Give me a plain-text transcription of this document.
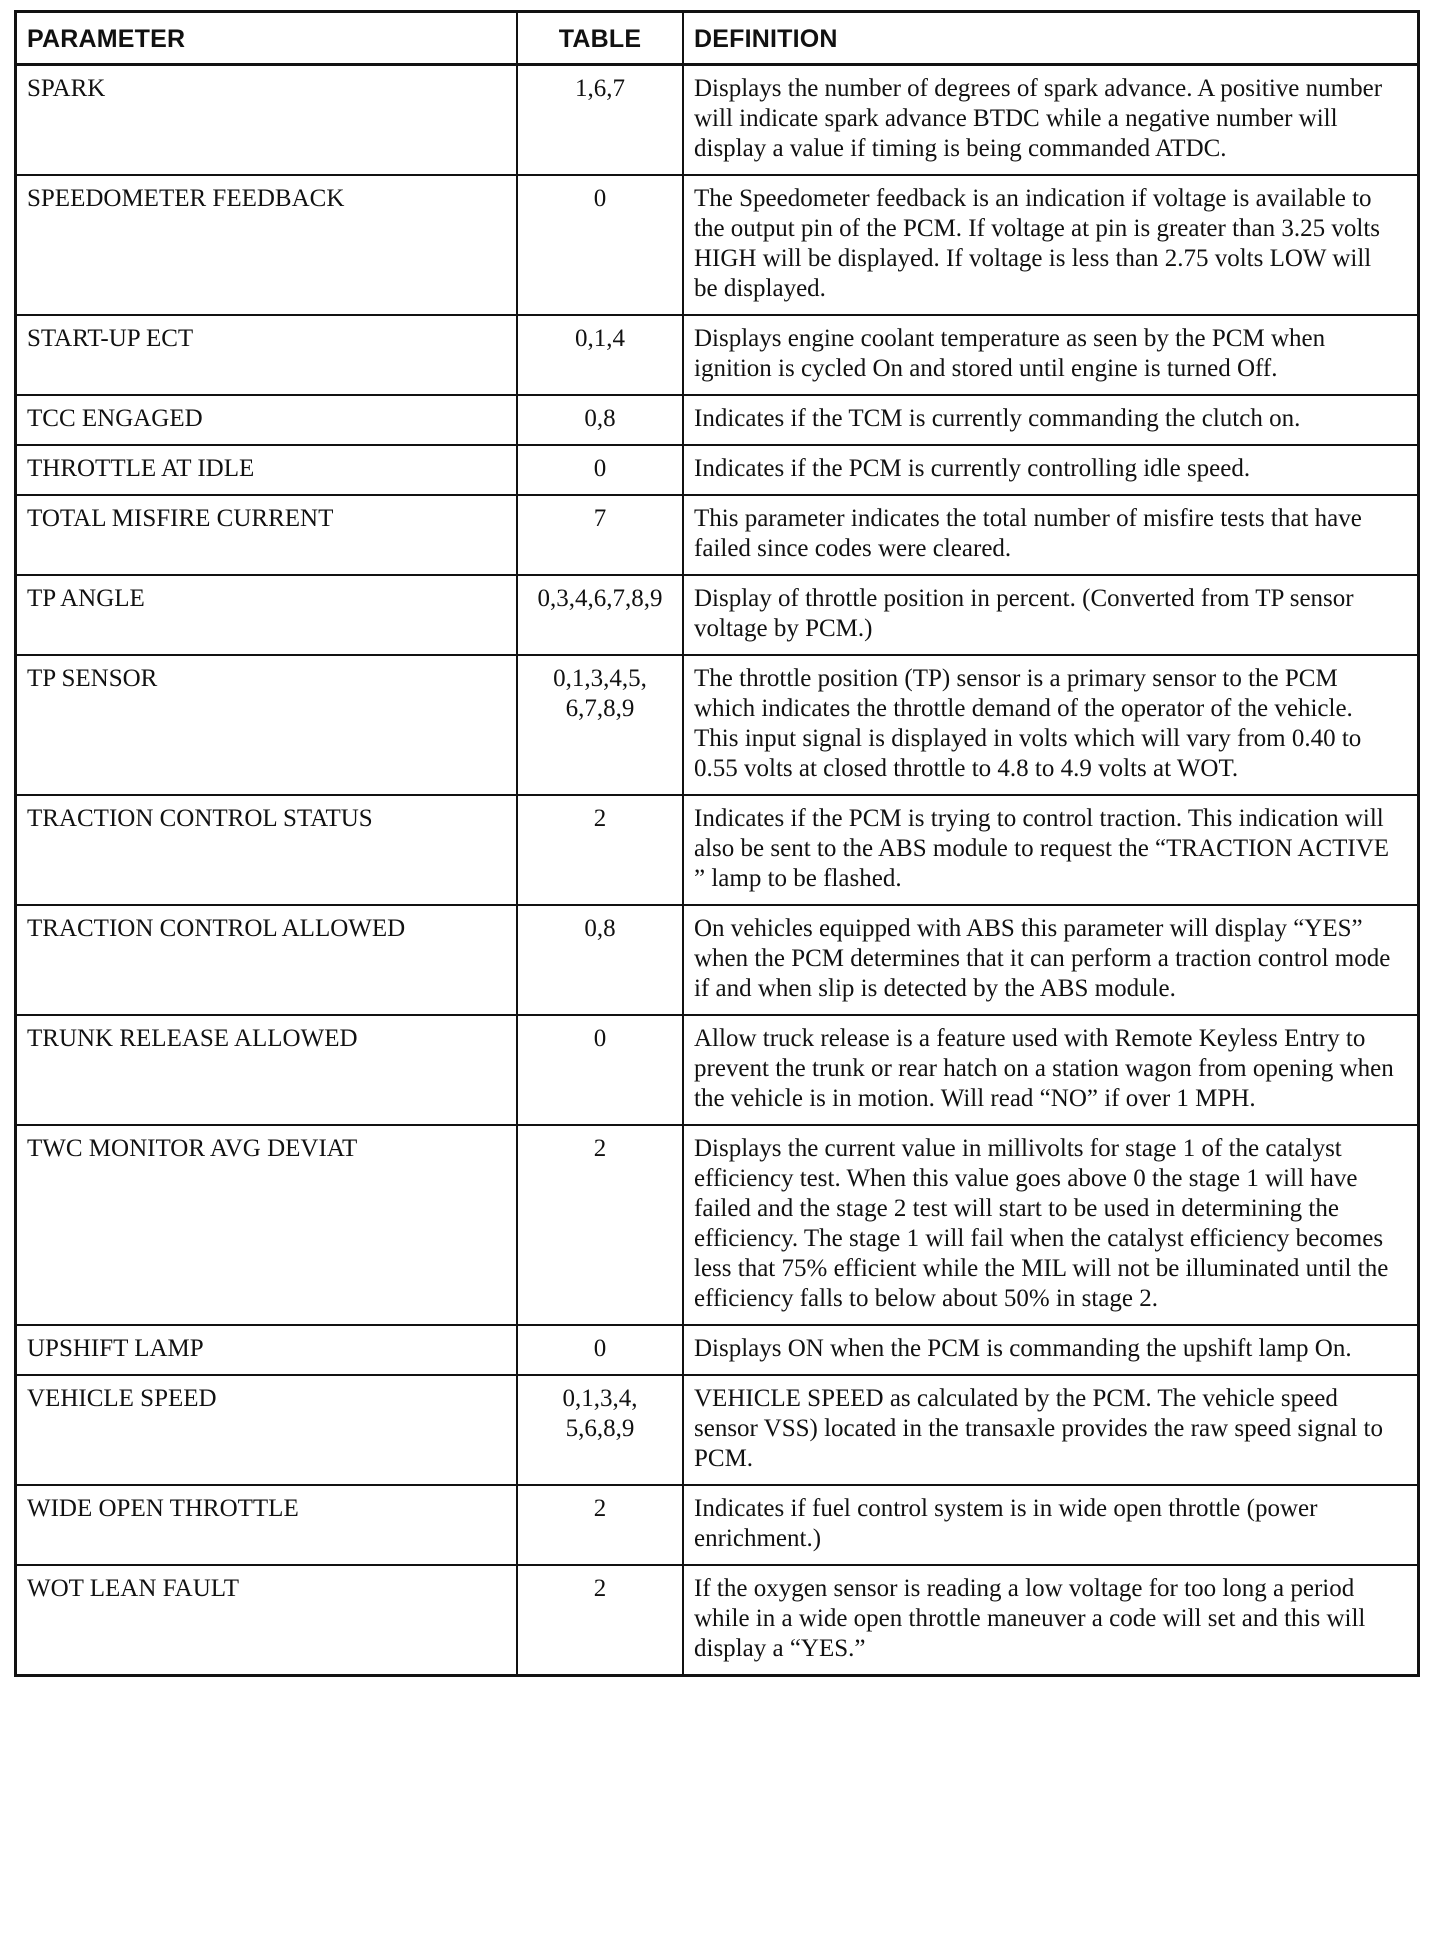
PARAMETER	TABLE	DEFINITION
SPARK	1,6,7	Displays the number of degrees of spark advance. A positive number will indicate spark advance BTDC while a negative number will display a value if timing is being commanded ATDC.
SPEEDOMETER FEEDBACK	0	The Speedometer feedback is an indication if voltage is available to the output pin of the PCM. If voltage at pin is greater than 3.25 volts HIGH will be displayed. If voltage is less than 2.75 volts LOW will be displayed.
START-UP ECT	0,1,4	Displays engine coolant temperature as seen by the PCM when ignition is cycled On and stored until engine is turned Off.
TCC ENGAGED	0,8	Indicates if the TCM is currently commanding the clutch on.
THROTTLE AT IDLE	0	Indicates if the PCM is currently controlling idle speed.
TOTAL MISFIRE CURRENT	7	This parameter indicates the total number of misfire tests that have failed since codes were cleared.
TP ANGLE	0,3,4,6,7,8,9	Display of throttle position in percent. (Converted from TP sensor voltage by PCM.)
TP SENSOR	0,1,3,4,5, 6,7,8,9	The throttle position (TP) sensor is a primary sensor to the PCM which indicates the throttle demand of the operator of the vehicle. This input signal is displayed in volts which will vary from 0.40 to 0.55 volts at closed throttle to 4.8 to 4.9 volts at WOT.
TRACTION CONTROL STATUS	2	Indicates if the PCM is trying to control traction. This indication will also be sent to the ABS module to request the “TRACTION ACTIVE ” lamp to be flashed.
TRACTION CONTROL ALLOWED	0,8	On vehicles equipped with ABS this parameter will display “YES” when the PCM determines that it can perform a traction control mode if and when slip is detected by the ABS module.
TRUNK RELEASE ALLOWED	0	Allow truck release is a feature used with Remote Keyless Entry to prevent the trunk or rear hatch on a station wagon from opening when the vehicle is in motion. Will read “NO” if over 1 MPH.
TWC MONITOR AVG DEVIAT	2	Displays the current value in millivolts for stage 1 of the catalyst efficiency test. When this value goes above 0 the stage 1 will have failed and the stage 2 test will start to be used in determining the efficiency. The stage 1 will fail when the catalyst efficiency becomes less that 75% efficient while the MIL will not be illuminated until the efficiency falls to below about 50% in stage 2.
UPSHIFT LAMP	0	Displays ON when the PCM is commanding the upshift lamp On.
VEHICLE SPEED	0,1,3,4, 5,6,8,9	VEHICLE SPEED as calculated by the PCM. The vehicle speed sensor VSS) located in the transaxle provides the raw speed signal to PCM.
WIDE OPEN THROTTLE	2	Indicates if fuel control system is in wide open throttle (power enrichment.)
WOT LEAN FAULT	2	If the oxygen sensor is reading a low voltage for too long a period while in a wide open throttle maneuver a code will set and this will display a “YES.”
